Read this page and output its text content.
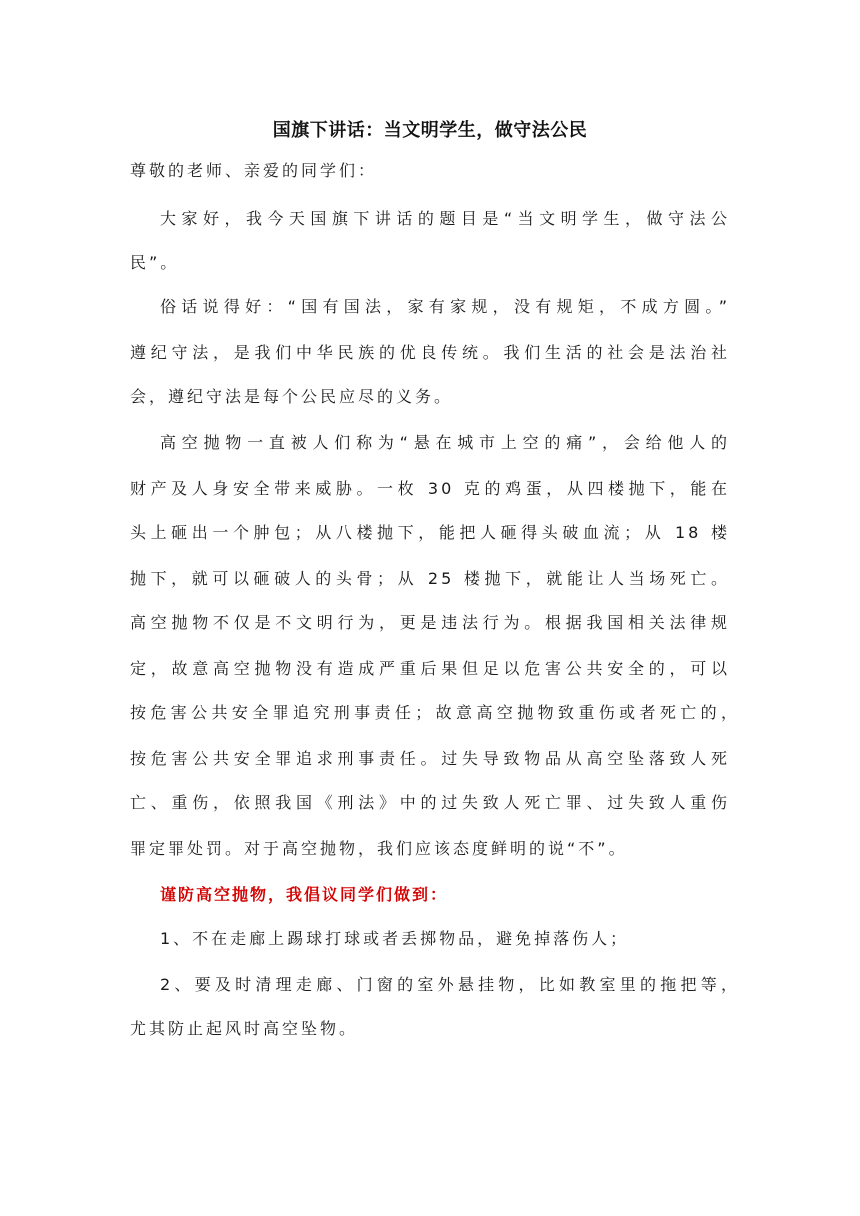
国旗下讲话：当文明学生，做守法公民
尊敬的老师、亲爱的同学们：
大家好，我今天国旗下讲话的题目是“当文明学生，做守法公
民”。
俗话说得好：“国有国法，家有家规，没有规矩，不成方圆。”
遵纪守法，是我们中华民族的优良传统。我们生活的社会是法治社
会，遵纪守法是每个公民应尽的义务。
高空抛物一直被人们称为“悬在城市上空的痛”，会给他人的
财产及人身安全带来威胁。一枚 30 克的鸡蛋，从四楼抛下，能在
头上砸出一个肿包；从八楼抛下，能把人砸得头破血流；从 18 楼
抛下，就可以砸破人的头骨；从 25 楼抛下，就能让人当场死亡。
高空抛物不仅是不文明行为，更是违法行为。根据我国相关法律规
定，故意高空抛物没有造成严重后果但足以危害公共安全的，可以
按危害公共安全罪追究刑事责任；故意高空抛物致重伤或者死亡的，
按危害公共安全罪追求刑事责任。过失导致物品从高空坠落致人死
亡、重伤，依照我国《刑法》中的过失致人死亡罪、过失致人重伤
罪定罪处罚。对于高空抛物，我们应该态度鲜明的说“不”。
谨防高空抛物，我倡议同学们做到：
1、不在走廊上踢球打球或者丢掷物品，避免掉落伤人；
2、要及时清理走廊、门窗的室外悬挂物，比如教室里的拖把等，
尤其防止起风时高空坠物。
